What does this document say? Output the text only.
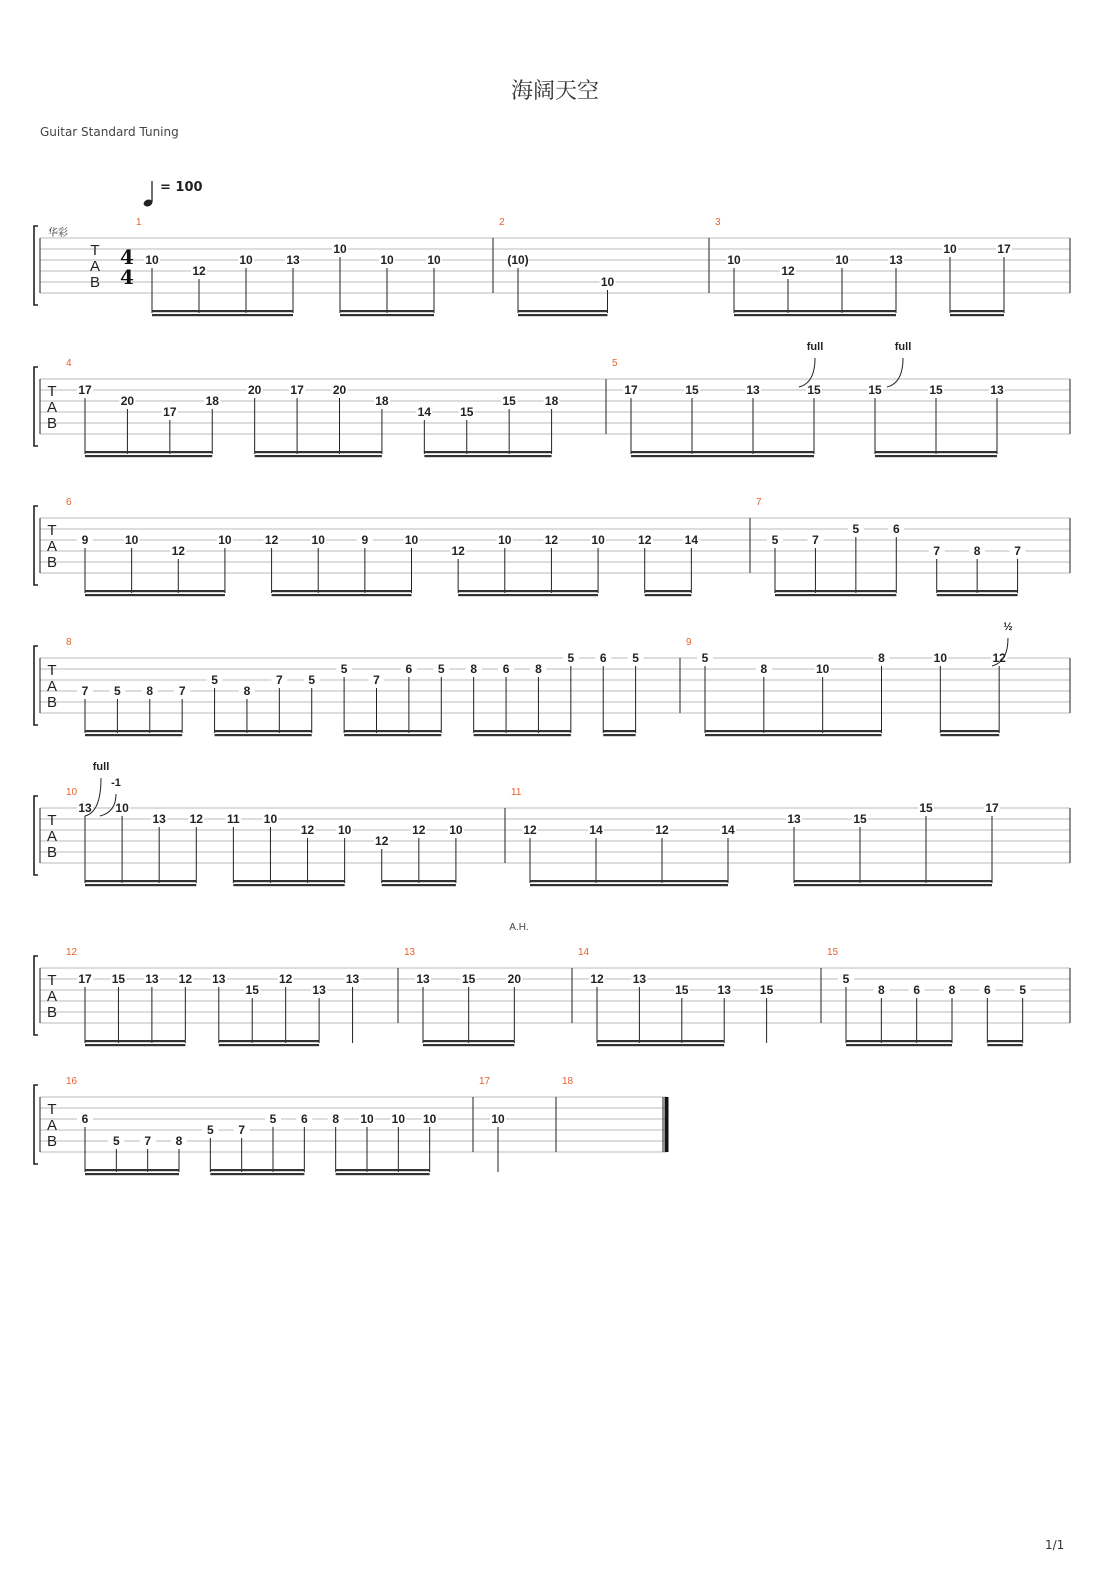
海阔天空
Guitar Standard Tuning
= 100
1/1
T
A
B
华彩
4
4
1
10
12
10	13
10
10	10
2
(10)
10
3
10
12
10	13
10	17
T
A
B
4
17
20
17
18
20 17 20
18
14 15
15 18
5
17	15	13	15	15	15	13
full	full
T
A
B
6
9	10
12
10	12	10	9	10
12
10	12	10	12	14
7
5	7
5	6
7	8	7
T
A
B
8
7 5 8 7
5
8
7 5
5
7
6 5 8 6 8
5 6 5
9
5
8	10
8	10	12
½
T
A
B
10
13 10
13 12 11 10
12 10
12
12 10
11
12	14	12	14
13	15
15	17
full
-1
T
A
B
12
17 15 13 12 13
15
12
13
13
13
13	15	20
14
12 13
15 13 15
15
5
8 6 8 6 5
A.H.
T
A
B
16
6
5 7 8
5 7
5 6 8 10 10 10
17
10
18
